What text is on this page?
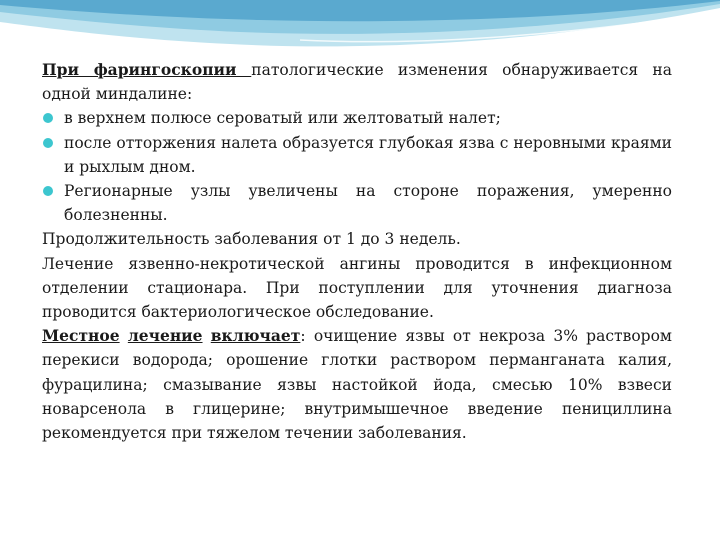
При фарингоскопии патологические изменения обнаруживается на одной миндалине:

в верхнем полюсе сероватый или желтоватый налет;
после отторжения налета образуется глубокая язва с неровными краями и рыхлым дном.
Регионарные узлы увеличены на стороне поражения, умеренно болезненны.

Продолжительность заболевания от 1 до 3 недель.

Лечение язвенно-некротической ангины проводится в инфекционном отделении стационара. При поступлении для уточнения диагноза проводится бактериологическое обследование.

Местное лечение включает: очищение язвы от некроза 3% раствором перекиси водорода; орошение глотки раствором перманганата калия, фурацилина; смазывание язвы настойкой йода, смесью 10% взвеси новарсенола в глицерине; внутримышечное введение пенициллина рекомендуется при тяжелом течении заболевания.
